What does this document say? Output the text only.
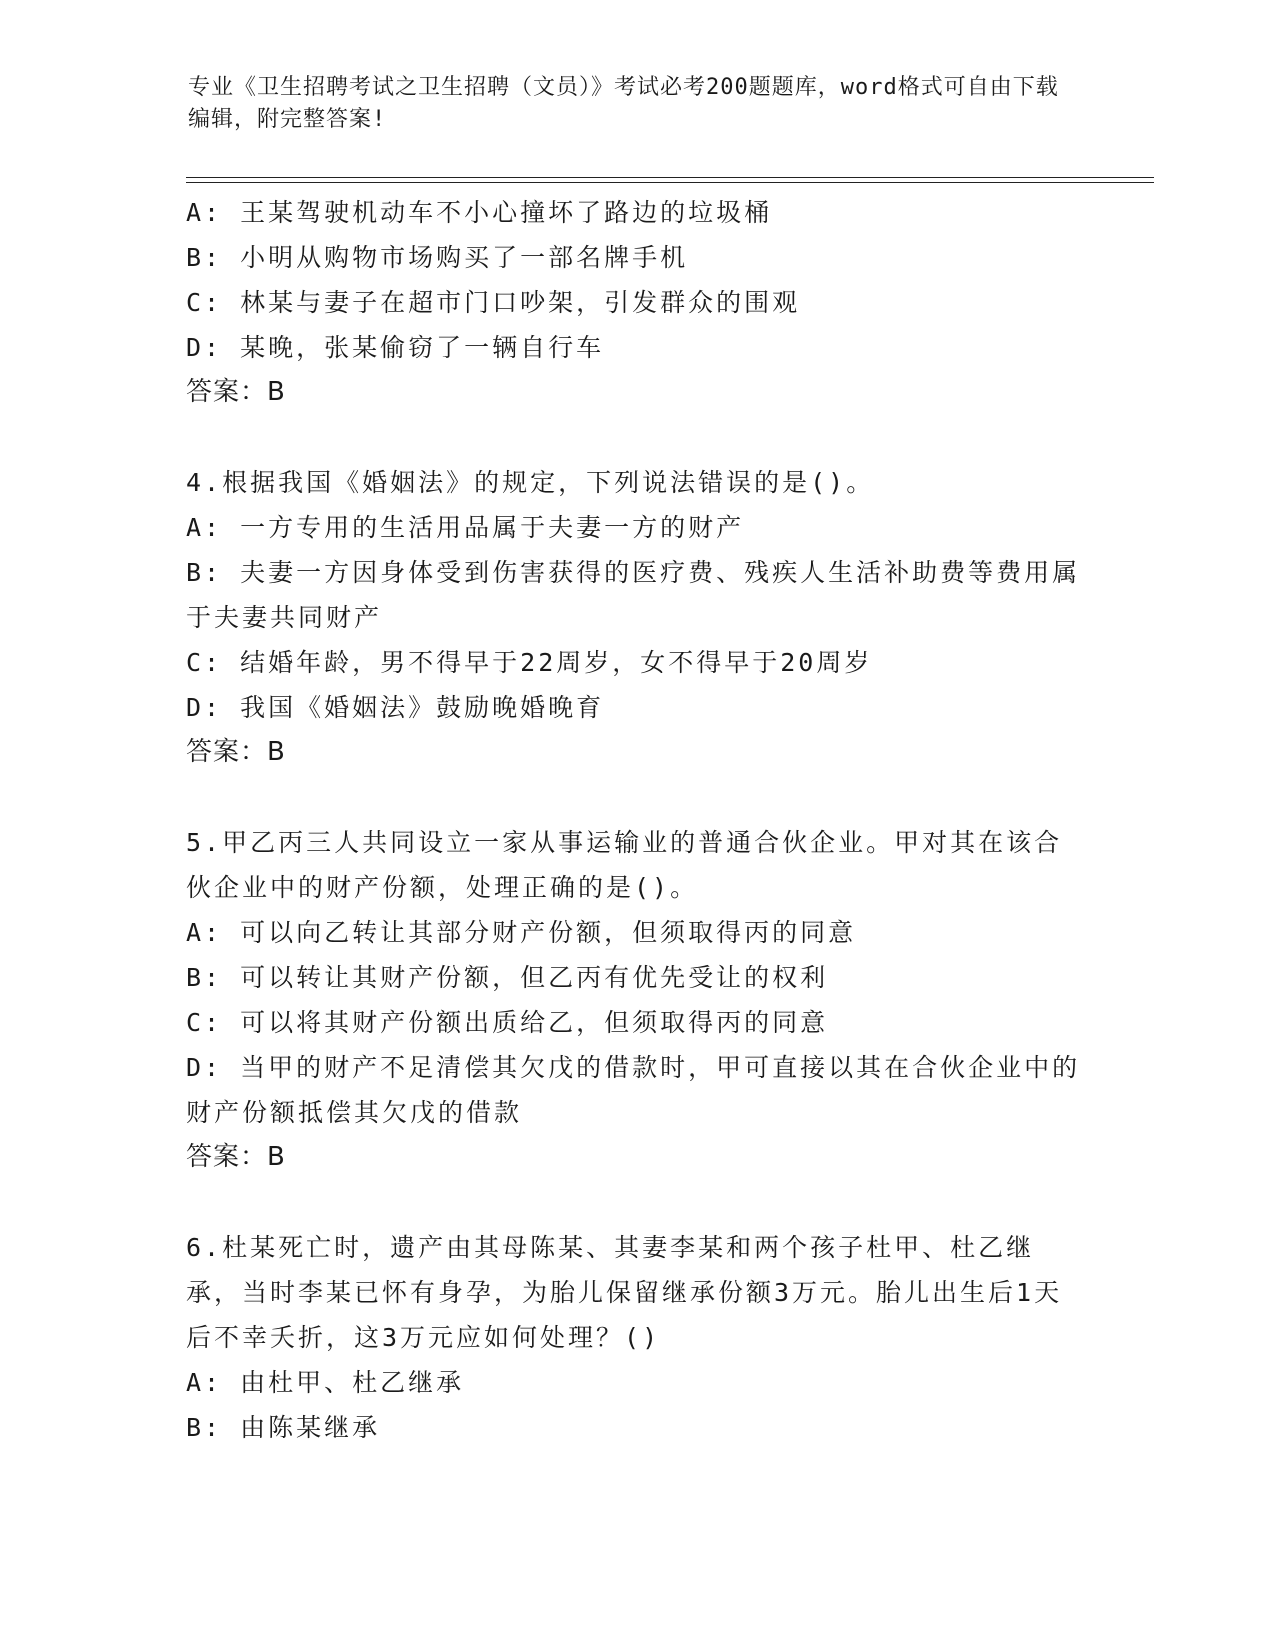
专业《卫生招聘考试之卫生招聘（文员）》考试必考200题题库，word格式可自由下载编辑，附完整答案!
A: 王某驾驶机动车不小心撞坏了路边的垃圾桶
B: 小明从购物市场购买了一部名牌手机
C: 林某与妻子在超市门口吵架，引发群众的围观
D: 某晚，张某偷窃了一辆自行车
答案：B
4.根据我国《婚姻法》的规定，下列说法错误的是()。
A: 一方专用的生活用品属于夫妻一方的财产
B: 夫妻一方因身体受到伤害获得的医疗费、残疾人生活补助费等费用属于夫妻共同财产
C: 结婚年龄，男不得早于22周岁，女不得早于20周岁
D: 我国《婚姻法》鼓励晚婚晚育
答案：B
5.甲乙丙三人共同设立一家从事运输业的普通合伙企业。甲对其在该合伙企业中的财产份额，处理正确的是()。
A: 可以向乙转让其部分财产份额，但须取得丙的同意
B: 可以转让其财产份额，但乙丙有优先受让的权利
C: 可以将其财产份额出质给乙，但须取得丙的同意
D: 当甲的财产不足清偿其欠戊的借款时，甲可直接以其在合伙企业中的财产份额抵偿其欠戊的借款
答案：B
6.杜某死亡时，遗产由其母陈某、其妻李某和两个孩子杜甲、杜乙继承，当时李某已怀有身孕，为胎儿保留继承份额3万元。胎儿出生后1天后不幸夭折，这3万元应如何处理？()
A: 由杜甲、杜乙继承
B: 由陈某继承
